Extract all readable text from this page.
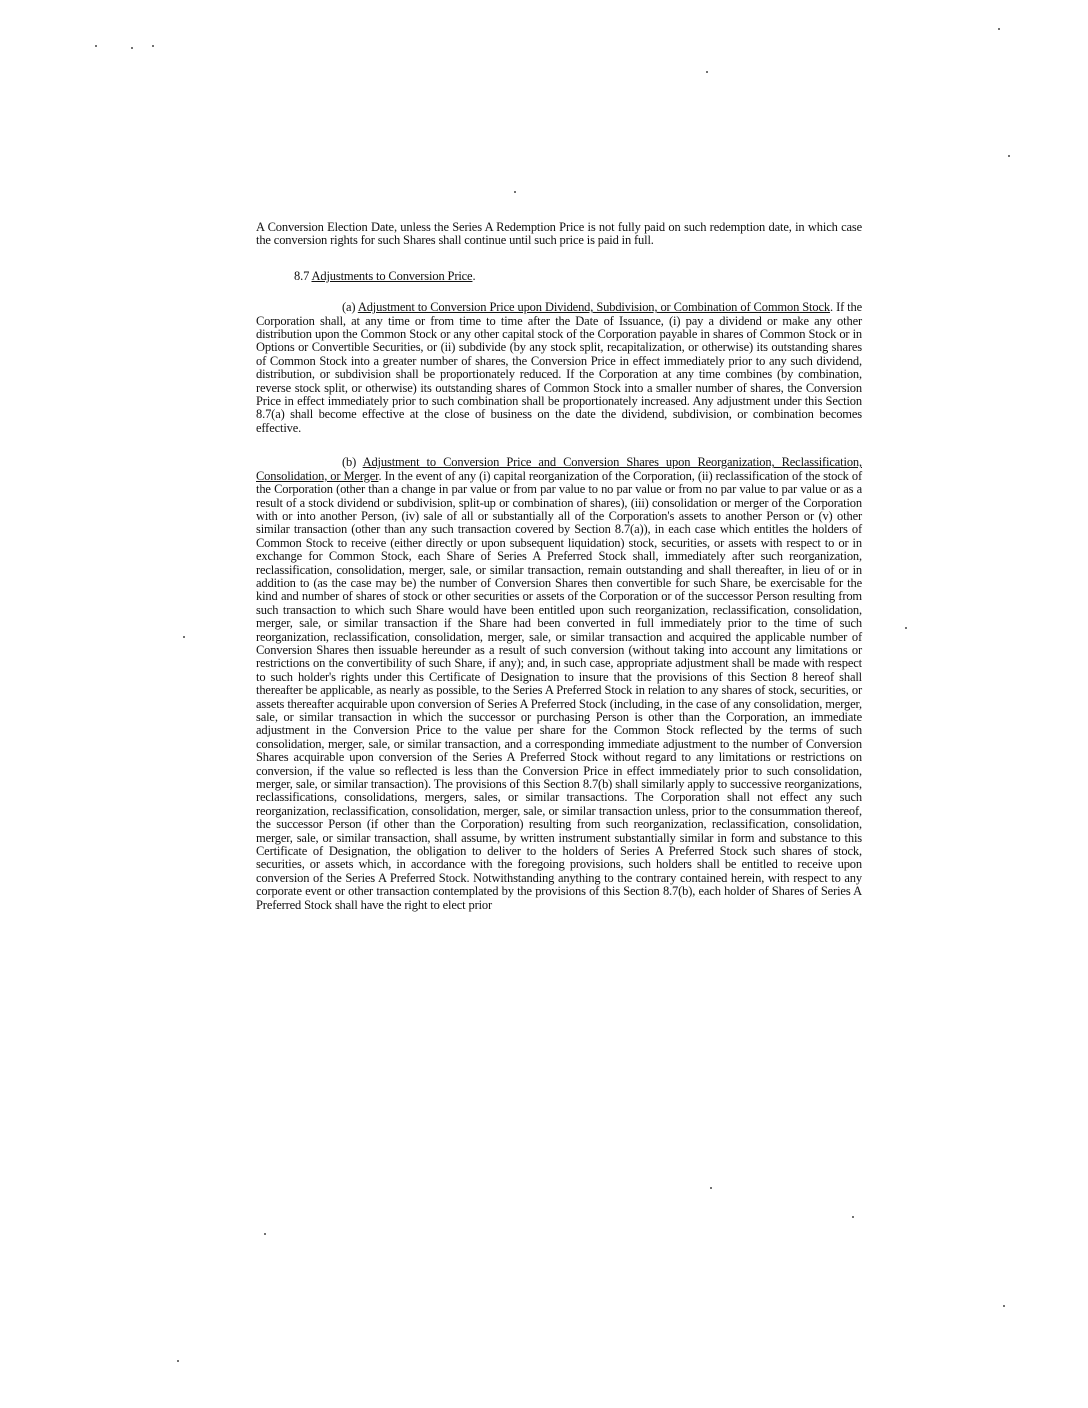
A Conversion Election Date, unless the Series A Redemption Price is not fully paid on such redemption date, in which case the conversion rights for such Shares shall continue until such price is paid in full.

8.7 Adjustments to Conversion Price.

(a) Adjustment to Conversion Price upon Dividend, Subdivision, or Combination of Common Stock. If the Corporation shall, at any time or from time to time after the Date of Issuance, (i) pay a dividend or make any other distribution upon the Common Stock or any other capital stock of the Corporation payable in shares of Common Stock or in Options or Convertible Securities, or (ii) subdivide (by any stock split, recapitalization, or otherwise) its outstanding shares of Common Stock into a greater number of shares, the Conversion Price in effect immediately prior to any such dividend, distribution, or subdivision shall be proportionately reduced. If the Corporation at any time combines (by combination, reverse stock split, or otherwise) its outstanding shares of Common Stock into a smaller number of shares, the Conversion Price in effect immediately prior to such combination shall be proportionately increased. Any adjustment under this Section 8.7(a) shall become effective at the close of business on the date the dividend, subdivision, or combination becomes effective.

(b) Adjustment to Conversion Price and Conversion Shares upon Reorganization, Reclassification, Consolidation, or Merger. In the event of any (i) capital reorganization of the Corporation, (ii) reclassification of the stock of the Corporation (other than a change in par value or from par value to no par value or from no par value to par value or as a result of a stock dividend or subdivision, split-up or combination of shares), (iii) consolidation or merger of the Corporation with or into another Person, (iv) sale of all or substantially all of the Corporation's assets to another Person or (v) other similar transaction (other than any such transaction covered by Section 8.7(a)), in each case which entitles the holders of Common Stock to receive (either directly or upon subsequent liquidation) stock, securities, or assets with respect to or in exchange for Common Stock, each Share of Series A Preferred Stock shall, immediately after such reorganization, reclassification, consolidation, merger, sale, or similar transaction, remain outstanding and shall thereafter, in lieu of or in addition to (as the case may be) the number of Conversion Shares then convertible for such Share, be exercisable for the kind and number of shares of stock or other securities or assets of the Corporation or of the successor Person resulting from such transaction to which such Share would have been entitled upon such reorganization, reclassification, consolidation, merger, sale, or similar transaction if the Share had been converted in full immediately prior to the time of such reorganization, reclassification, consolidation, merger, sale, or similar transaction and acquired the applicable number of Conversion Shares then issuable hereunder as a result of such conversion (without taking into account any limitations or restrictions on the convertibility of such Share, if any); and, in such case, appropriate adjustment shall be made with respect to such holder's rights under this Certificate of Designation to insure that the provisions of this Section 8 hereof shall thereafter be applicable, as nearly as possible, to the Series A Preferred Stock in relation to any shares of stock, securities, or assets thereafter acquirable upon conversion of Series A Preferred Stock (including, in the case of any consolidation, merger, sale, or similar transaction in which the successor or purchasing Person is other than the Corporation, an immediate adjustment in the Conversion Price to the value per share for the Common Stock reflected by the terms of such consolidation, merger, sale, or similar transaction, and a corresponding immediate adjustment to the number of Conversion Shares acquirable upon conversion of the Series A Preferred Stock without regard to any limitations or restrictions on conversion, if the value so reflected is less than the Conversion Price in effect immediately prior to such consolidation, merger, sale, or similar transaction). The provisions of this Section 8.7(b) shall similarly apply to successive reorganizations, reclassifications, consolidations, mergers, sales, or similar transactions. The Corporation shall not effect any such reorganization, reclassification, consolidation, merger, sale, or similar transaction unless, prior to the consummation thereof, the successor Person (if other than the Corporation) resulting from such reorganization, reclassification, consolidation, merger, sale, or similar transaction, shall assume, by written instrument substantially similar in form and substance to this Certificate of Designation, the obligation to deliver to the holders of Series A Preferred Stock such shares of stock, securities, or assets which, in accordance with the foregoing provisions, such holders shall be entitled to receive upon conversion of the Series A Preferred Stock. Notwithstanding anything to the contrary contained herein, with respect to any corporate event or other transaction contemplated by the provisions of this Section 8.7(b), each holder of Shares of Series A Preferred Stock shall have the right to elect prior
